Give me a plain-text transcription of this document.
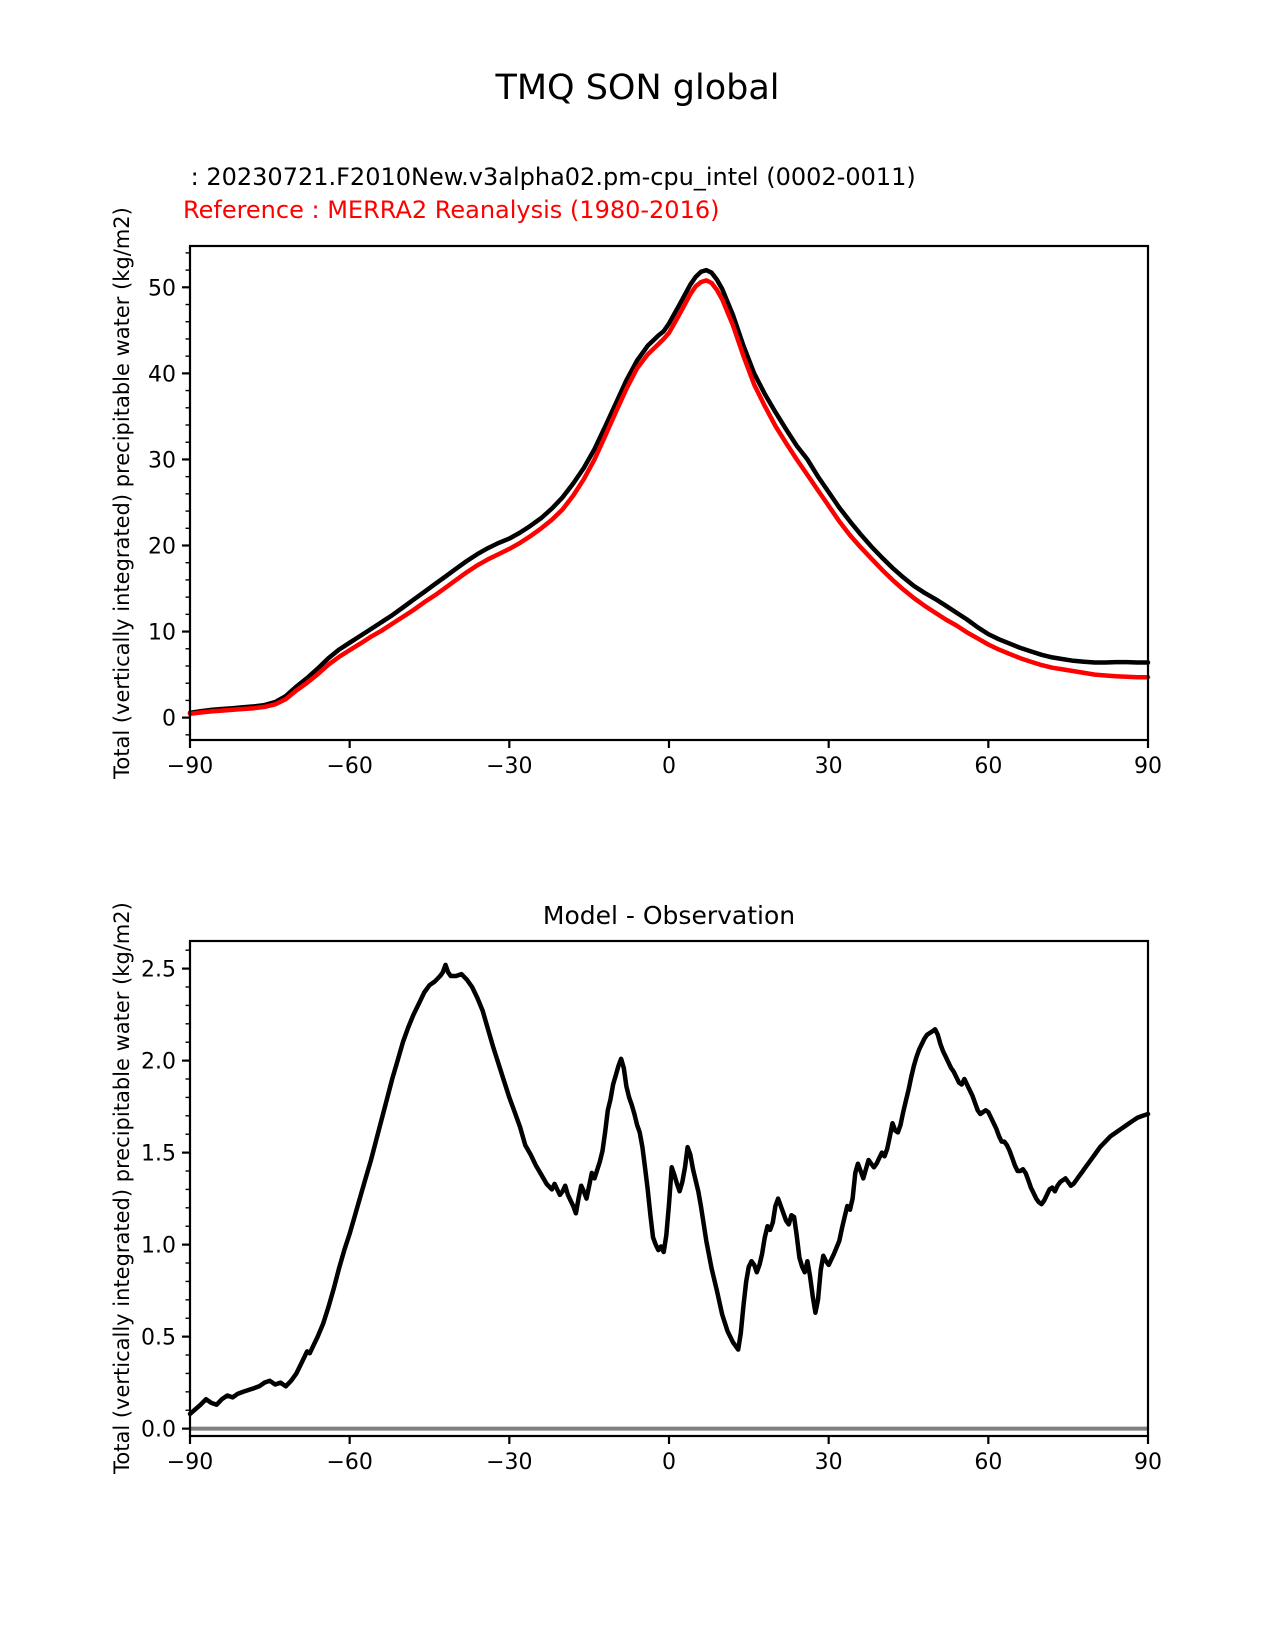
TMQ SON global
: 20230721.F2010New.v3alpha02.pm-cpu_intel (0002-0011)
Reference : MERRA2 Reanalysis (1980-2016)
Model - Observation
Total (vertically integrated) precipitable water (kg/m2)
Total (vertically integrated) precipitable water (kg/m2)
−90	−60	−30	0	30	60	90
0
10
20
30
40
50
−90	−60	−30	0	30	60	90
0.0
0.5
1.0
1.5
2.0
2.5
